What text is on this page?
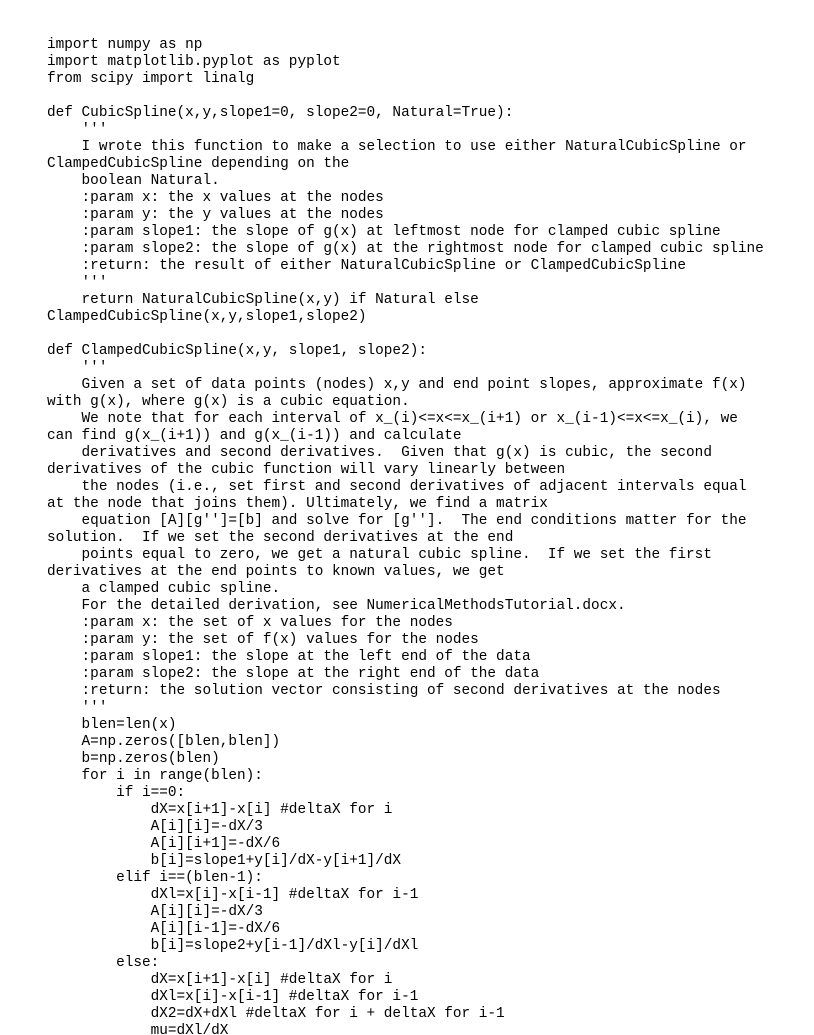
import numpy as np
import matplotlib.pyplot as pyplot
from scipy import linalg
def CubicSpline(x,y,slope1=0, slope2=0, Natural=True):
'''
I wrote this function to make a selection to use either NaturalCubicSpline or
ClampedCubicSpline depending on the
boolean Natural.
:param x: the x values at the nodes
:param y: the y values at the nodes
:param slope1: the slope of g(x) at leftmost node for clamped cubic spline
:param slope2: the slope of g(x) at the rightmost node for clamped cubic spline
:return: the result of either NaturalCubicSpline or ClampedCubicSpline
'''
return NaturalCubicSpline(x,y) if Natural else
ClampedCubicSpline(x,y,slope1,slope2)
def ClampedCubicSpline(x,y, slope1, slope2):
'''
Given a set of data points (nodes) x,y and end point slopes, approximate f(x)
with g(x), where g(x) is a cubic equation.
We note that for each interval of x_(i)<=x<=x_(i+1) or x_(i-1)<=x<=x_(i), we
can find g(x_(i+1)) and g(x_(i-1)) and calculate
derivatives and second derivatives.  Given that g(x) is cubic, the second
derivatives of the cubic function will vary linearly between
the nodes (i.e., set first and second derivatives of adjacent intervals equal
at the node that joins them). Ultimately, we find a matrix
equation [A][g'']=[b] and solve for [g''].  The end conditions matter for the
solution.  If we set the second derivatives at the end
points equal to zero, we get a natural cubic spline.  If we set the first
derivatives at the end points to known values, we get
a clamped cubic spline.
For the detailed derivation, see NumericalMethodsTutorial.docx.
:param x: the set of x values for the nodes
:param y: the set of f(x) values for the nodes
:param slope1: the slope at the left end of the data
:param slope2: the slope at the right end of the data
:return: the solution vector consisting of second derivatives at the nodes
'''
blen=len(x)
A=np.zeros([blen,blen])
b=np.zeros(blen)
for i in range(blen):
if i==0:
dX=x[i+1]-x[i] #deltaX for i
A[i][i]=-dX/3
A[i][i+1]=-dX/6
b[i]=slope1+y[i]/dX-y[i+1]/dX
elif i==(blen-1):
dXl=x[i]-x[i-1] #deltaX for i-1
A[i][i]=-dX/3
A[i][i-1]=-dX/6
b[i]=slope2+y[i-1]/dXl-y[i]/dXl
else:
dX=x[i+1]-x[i] #deltaX for i
dXl=x[i]-x[i-1] #deltaX for i-1
dX2=dX+dXl #deltaX for i + deltaX for i-1
mu=dXl/dX
